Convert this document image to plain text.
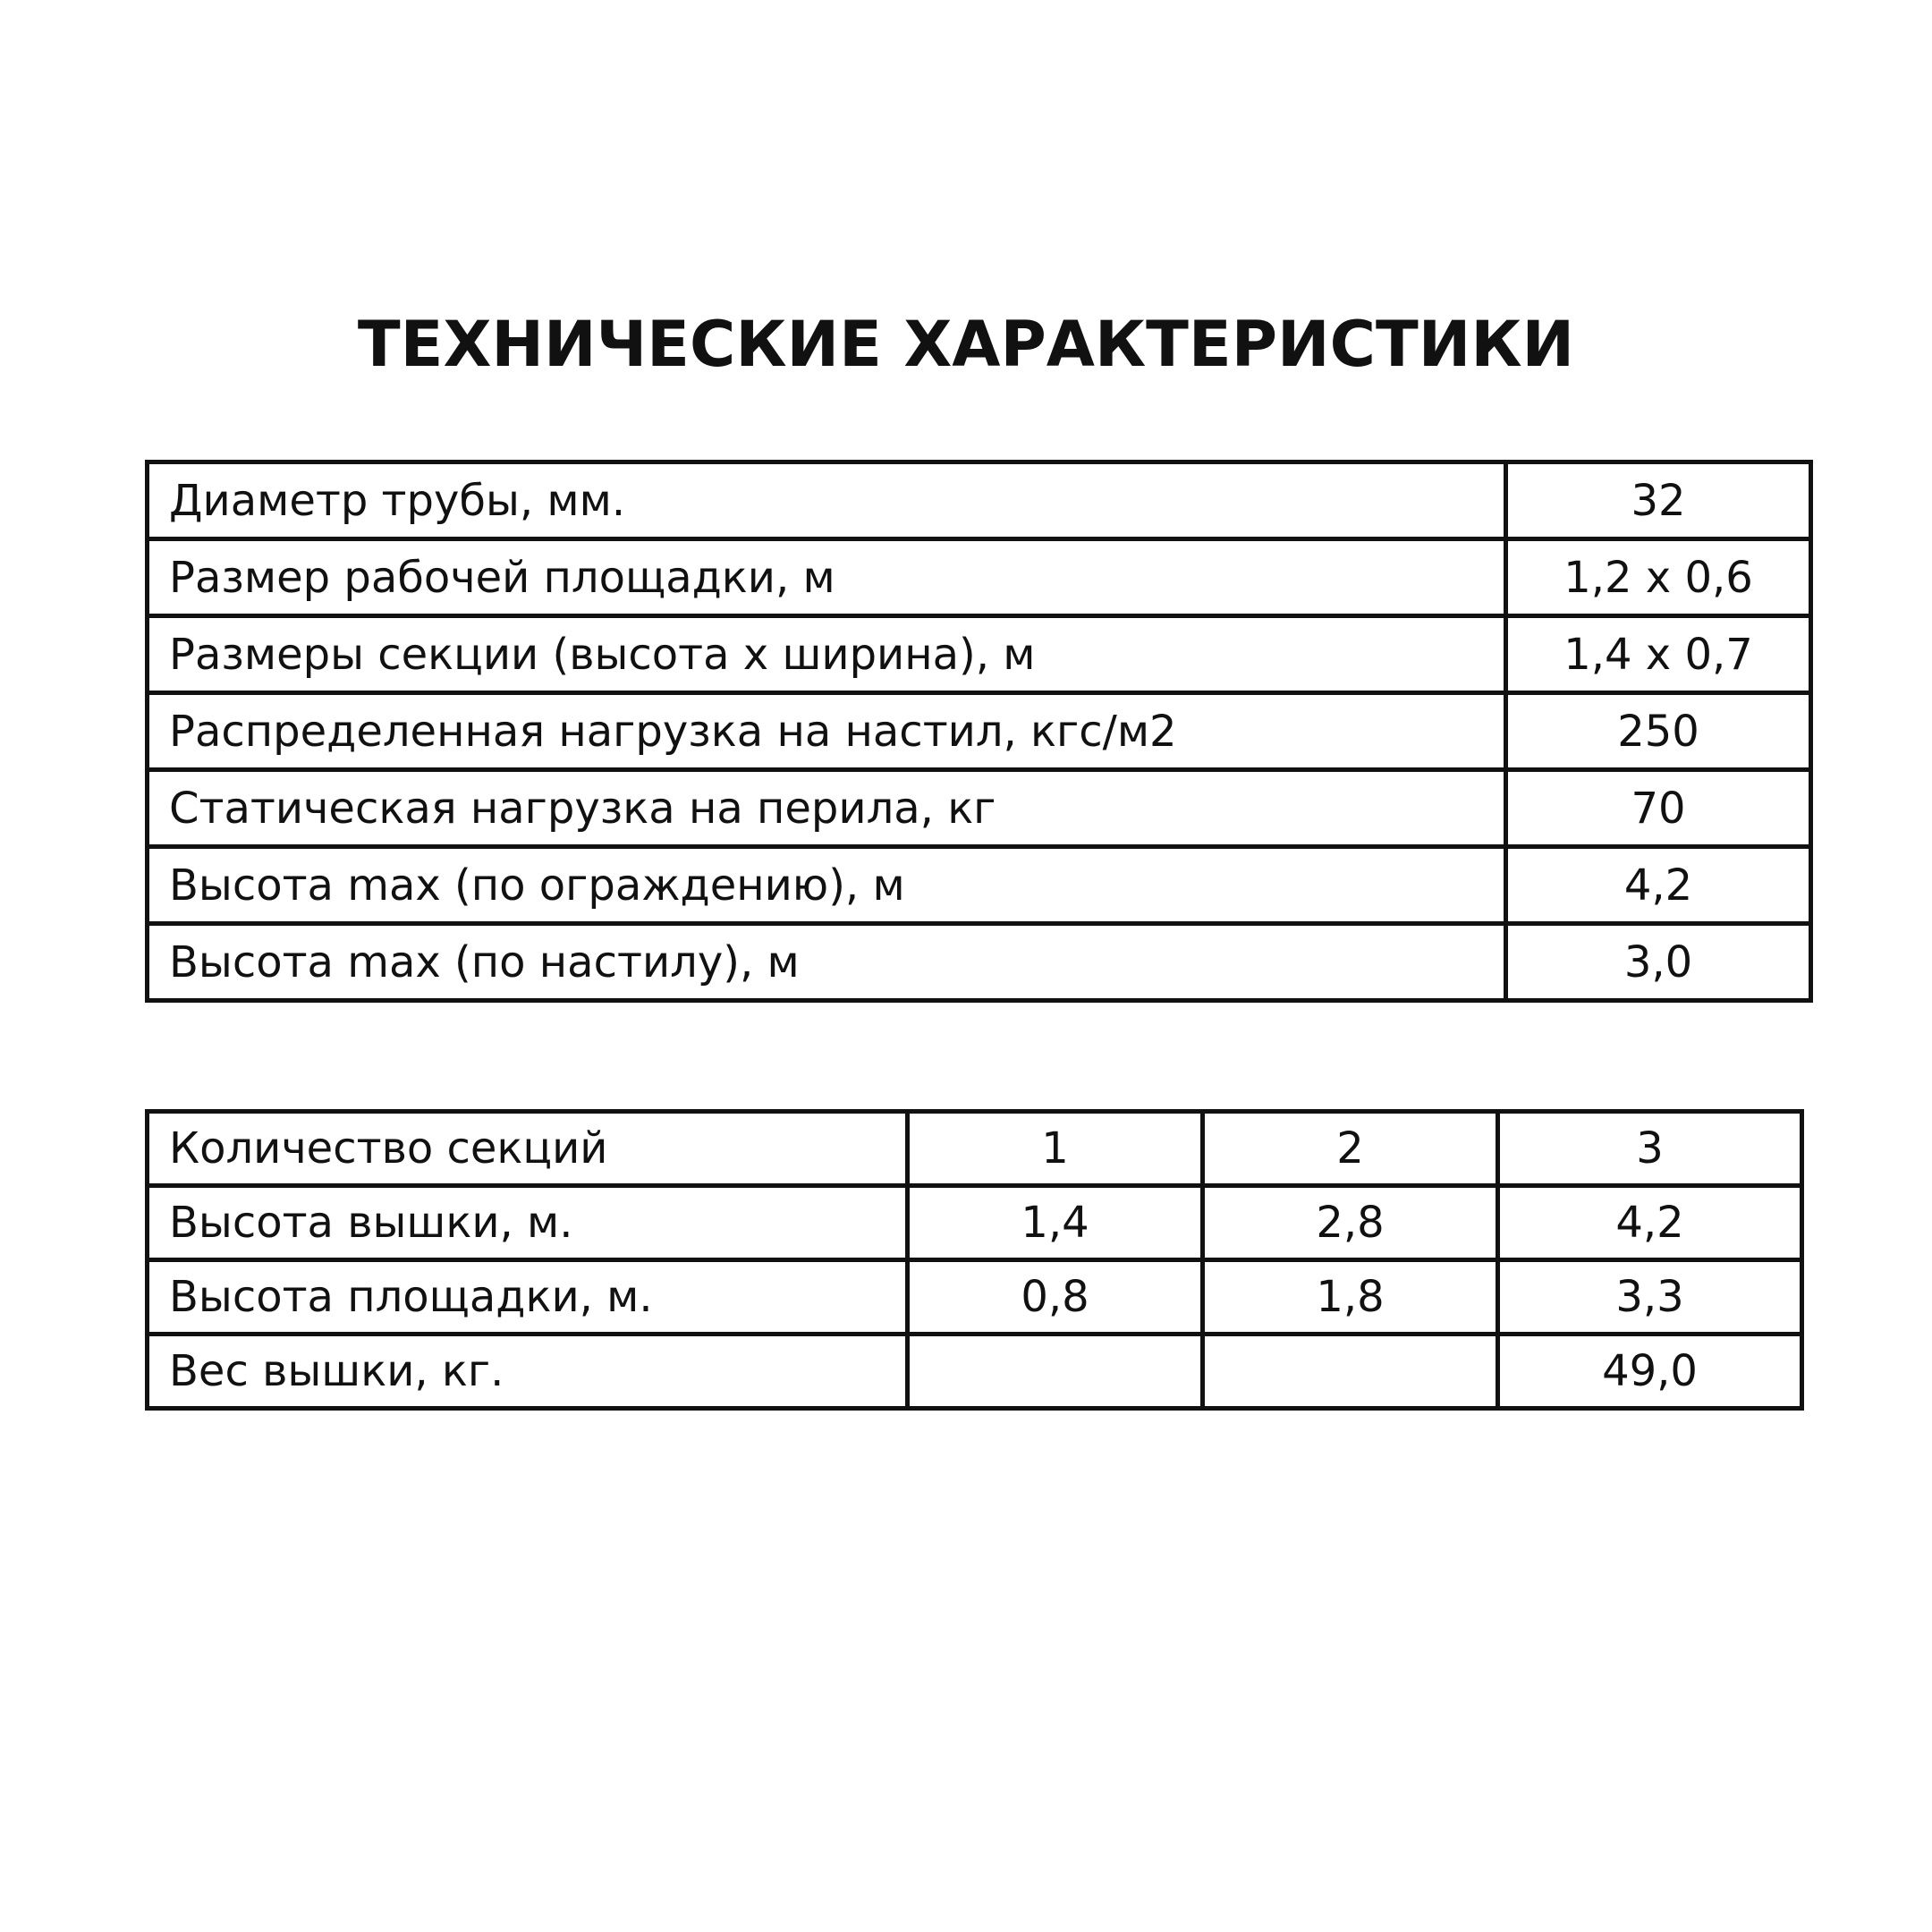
ТЕХНИЧЕСКИЕ ХАРАКТЕРИСТИКИ
Диаметр трубы, мм.	32
Размер рабочей площадки, м	1,2 х 0,6
Размеры секции (высота х ширина), м	1,4 х 0,7
Распределенная нагрузка на настил, кгс/м2	250
Статическая нагрузка на перила, кг	70
Высота max (по ограждению), м	4,2
Высота max (по настилу), м	3,0
Количество секций	1	2	3
Высота вышки, м.	1,4	2,8	4,2
Высота площадки, м.	0,8	1,8	3,3
Вес вышки, кг.			49,0
